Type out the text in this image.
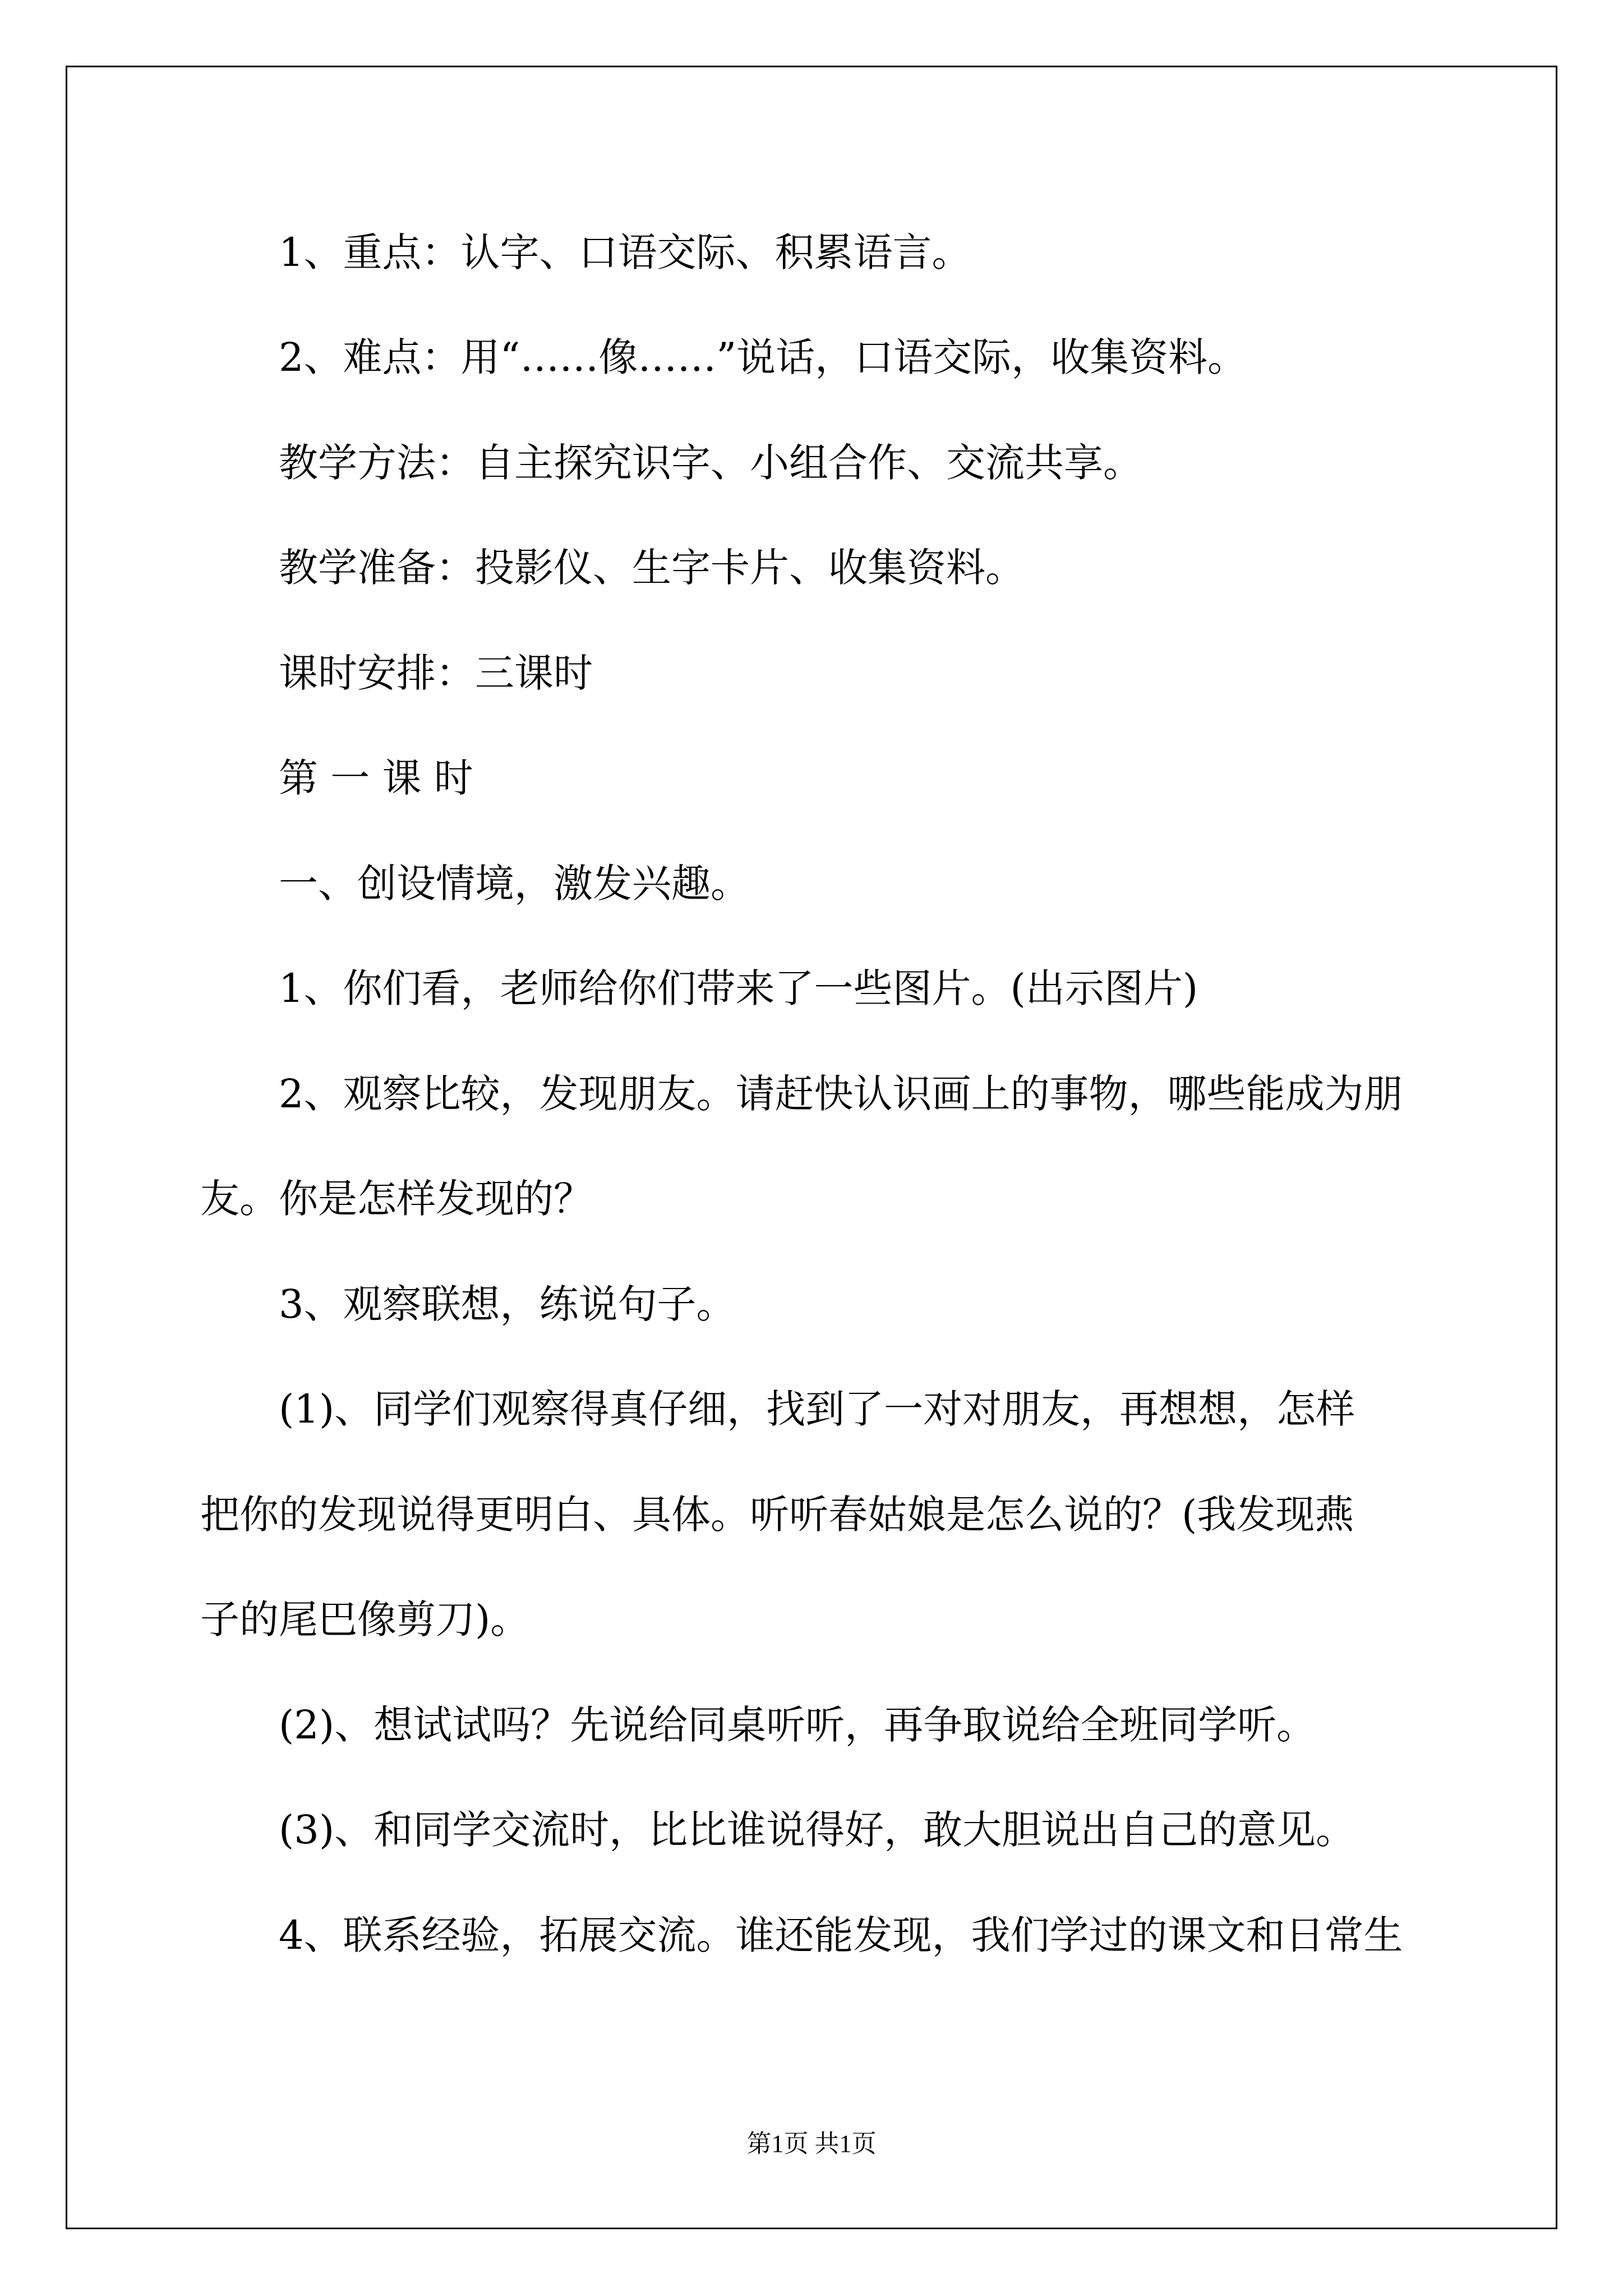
1、重点：认字、口语交际、积累语言。
2、难点：用“……像……”说话，口语交际，收集资料。
教学方法：自主探究识字、小组合作、交流共享。
教学准备：投影仪、生字卡片、收集资料。
课时安排：三课时
第 一 课 时
一、创设情境，激发兴趣。
1、你们看，老师给你们带来了一些图片。(出示图片)
2、观察比较，发现朋友。请赶快认识画上的事物，哪些能成为朋
友。你是怎样发现的？
3、观察联想，练说句子。
(1)、同学们观察得真仔细，找到了一对对朋友，再想想，怎样
把你的发现说得更明白、具体。听听春姑娘是怎么说的？(我发现燕
子的尾巴像剪刀)。
(2)、想试试吗？先说给同桌听听，再争取说给全班同学听。
(3)、和同学交流时，比比谁说得好，敢大胆说出自己的意见。
4、联系经验，拓展交流。谁还能发现，我们学过的课文和日常生
第1页 共1页
